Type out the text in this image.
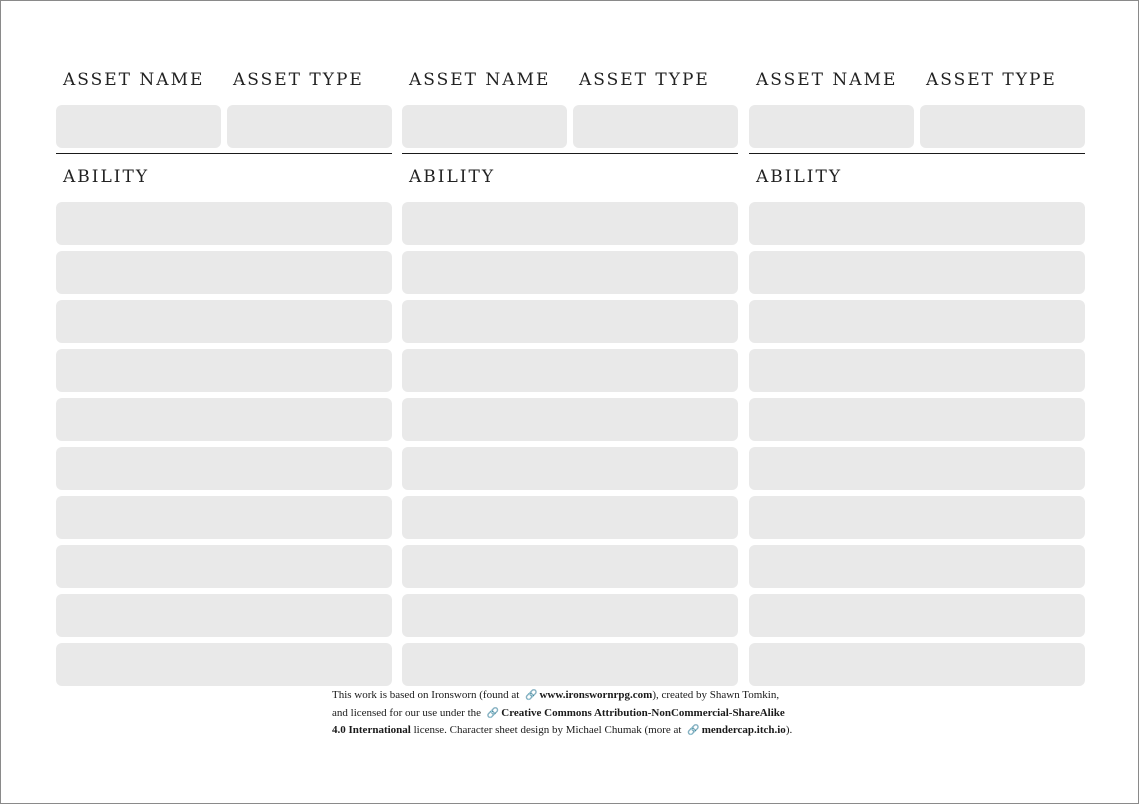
ASSET NAME ASSET TYPE
ABILITY
ASSET NAME ASSET TYPE
ABILITY
ASSET NAME ASSET TYPE
ABILITY
This work is based on Ironsworn (found at 🔗 www.ironswornrpg.com), created by Shawn Tomkin,
and licensed for our use under the 🔗 Creative Commons Attribution-NonCommercial-ShareAlike
4.0 International license. Character sheet design by Michael Chumak (more at 🔗 mendercap.itch.io).
